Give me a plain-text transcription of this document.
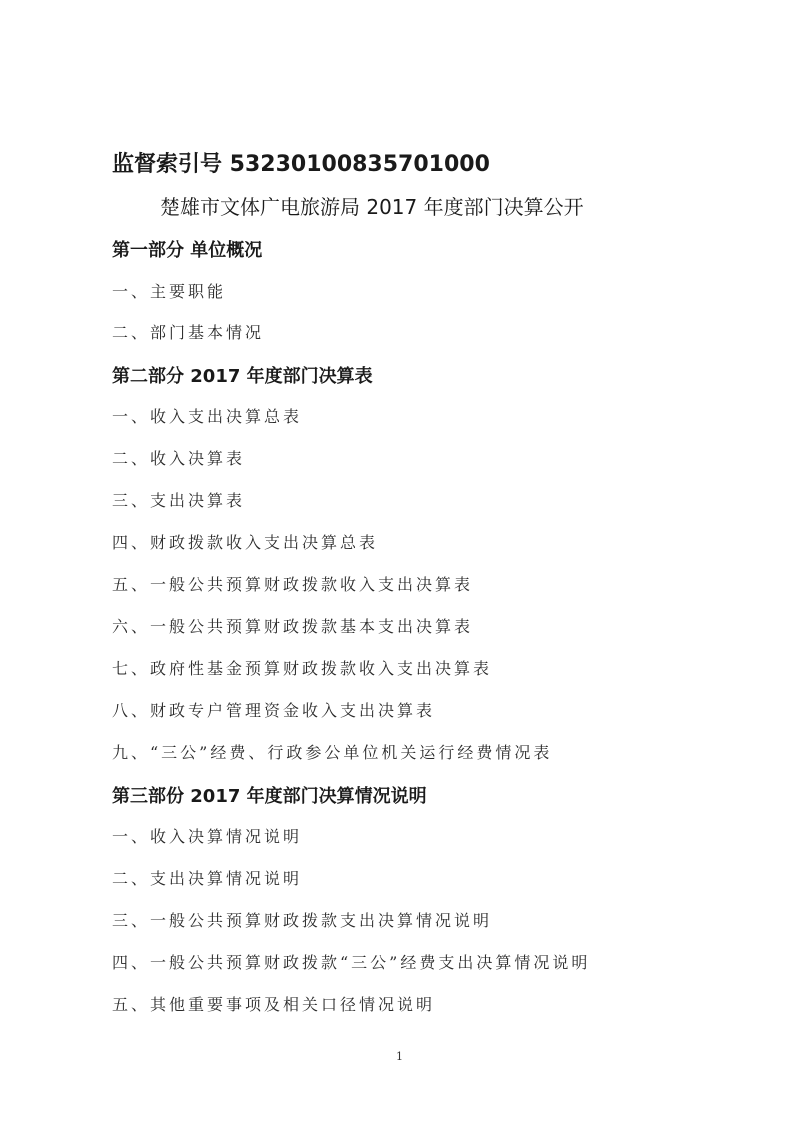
监督索引号 53230100835701000
楚雄市文体广电旅游局 2017 年度部门决算公开
第一部分 单位概况
一、主要职能
二、部门基本情况
第二部分 2017 年度部门决算表
一、收入支出决算总表
二、收入决算表
三、支出决算表
四、财政拨款收入支出决算总表
五、一般公共预算财政拨款收入支出决算表
六、一般公共预算财政拨款基本支出决算表
七、政府性基金预算财政拨款收入支出决算表
八、财政专户管理资金收入支出决算表
九、“三公”经费、行政参公单位机关运行经费情况表
第三部份 2017 年度部门决算情况说明
一、收入决算情况说明
二、支出决算情况说明
三、一般公共预算财政拨款支出决算情况说明
四、一般公共预算财政拨款“三公”经费支出决算情况说明
五、其他重要事项及相关口径情况说明
1
